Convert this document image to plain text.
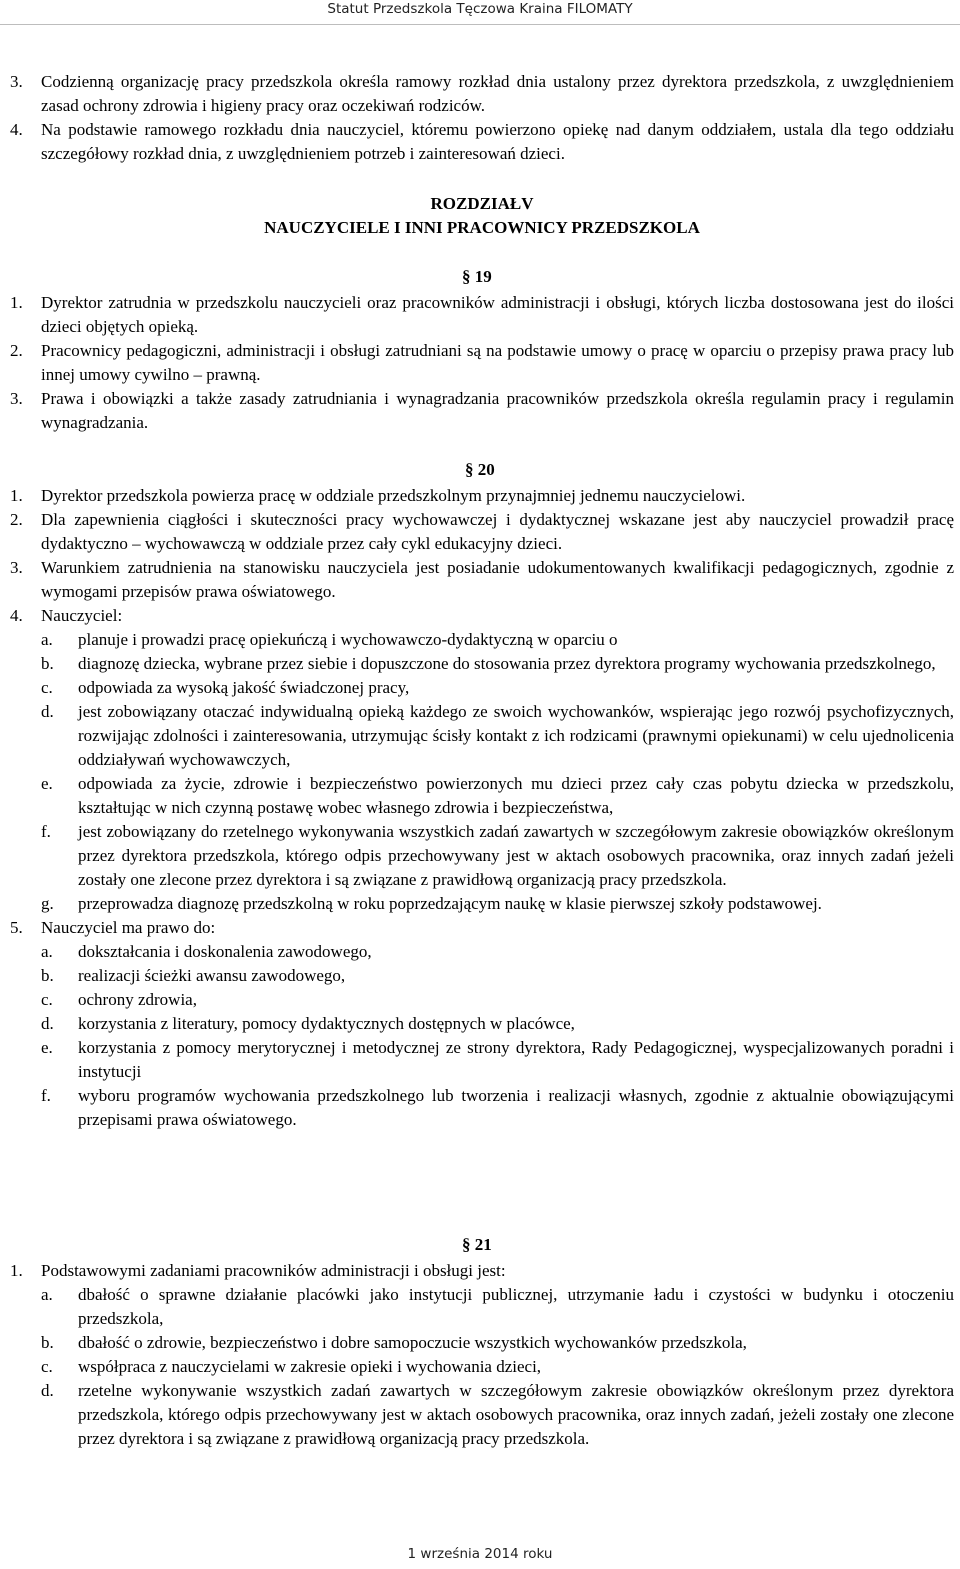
Statut Przedszkola Tęczowa Kraina FILOMATY
3. Codzienną organizację pracy przedszkola określa ramowy rozkład dnia ustalony przez dyrektora przedszkola, z uwzględnieniem zasad ochrony zdrowia i higieny pracy oraz oczekiwań rodziców.
4. Na podstawie ramowego rozkładu dnia nauczyciel, któremu powierzono opiekę nad danym oddziałem, ustala dla tego oddziału szczegółowy rozkład dnia, z uwzględnieniem potrzeb i zainteresowań dzieci.
ROZDZIAŁV
NAUCZYCIELE I INNI PRACOWNICY PRZEDSZKOLA
§ 19
1. Dyrektor zatrudnia w przedszkolu nauczycieli oraz pracowników administracji i obsługi, których liczba dostosowana jest do ilości dzieci objętych opieką.
2. Pracownicy pedagogiczni, administracji i obsługi zatrudniani są na podstawie umowy o pracę w oparciu o przepisy prawa pracy lub innej umowy cywilno – prawną.
3. Prawa i obowiązki a także zasady zatrudniania i wynagradzania pracowników przedszkola określa regulamin pracy i regulamin wynagradzania.
§ 20
1. Dyrektor przedszkola powierza pracę w oddziale przedszkolnym przynajmniej jednemu nauczycielowi.
2. Dla zapewnienia ciągłości i skuteczności pracy wychowawczej i dydaktycznej wskazane jest aby nauczyciel prowadził pracę dydaktyczno – wychowawczą w oddziale przez cały cykl edukacyjny dzieci.
3. Warunkiem zatrudnienia na stanowisku nauczyciela jest posiadanie udokumentowanych kwalifikacji pedagogicznych, zgodnie z wymogami przepisów prawa oświatowego.
4. Nauczyciel:
a. planuje i prowadzi pracę opiekuńczą i wychowawczo-dydaktyczną w oparciu o
b. diagnozę dziecka, wybrane przez siebie i dopuszczone do stosowania przez dyrektora programy wychowania przedszkolnego,
c. odpowiada za wysoką jakość świadczonej pracy,
d. jest zobowiązany otaczać indywidualną opieką każdego ze swoich wychowanków, wspierając jego rozwój psychofizycznych, rozwijając zdolności i zainteresowania, utrzymując ścisły kontakt z ich rodzicami (prawnymi opiekunami) w celu ujednolicenia oddziaływań wychowawczych,
e. odpowiada za życie, zdrowie i bezpieczeństwo powierzonych mu dzieci przez cały czas pobytu dziecka w przedszkolu, kształtując w nich czynną postawę wobec własnego zdrowia i bezpieczeństwa,
f. jest zobowiązany do rzetelnego wykonywania wszystkich zadań zawartych w szczegółowym zakresie obowiązków określonym przez dyrektora przedszkola, którego odpis przechowywany jest w aktach osobowych pracownika, oraz innych zadań jeżeli zostały one zlecone przez dyrektora i są związane z prawidłową organizacją pracy przedszkola.
g. przeprowadza diagnozę przedszkolną w roku poprzedzającym naukę w klasie pierwszej szkoły podstawowej.
5. Nauczyciel ma prawo do:
a. dokształcania i doskonalenia zawodowego,
b. realizacji ścieżki awansu zawodowego,
c. ochrony zdrowia,
d. korzystania z literatury, pomocy dydaktycznych dostępnych w placówce,
e. korzystania z pomocy merytorycznej i metodycznej ze strony dyrektora, Rady Pedagogicznej, wyspecjalizowanych poradni i instytucji
f. wyboru programów wychowania przedszkolnego lub tworzenia i realizacji własnych, zgodnie z aktualnie obowiązującymi przepisami prawa oświatowego.
§ 21
1. Podstawowymi zadaniami pracowników administracji i obsługi jest:
a. dbałość o sprawne działanie placówki jako instytucji publicznej, utrzymanie ładu i czystości w budynku i otoczeniu przedszkola,
b. dbałość o zdrowie, bezpieczeństwo i dobre samopoczucie wszystkich wychowanków przedszkola,
c. współpraca z nauczycielami w zakresie opieki i wychowania dzieci,
d. rzetelne wykonywanie wszystkich zadań zawartych w szczegółowym zakresie obowiązków określonym przez dyrektora przedszkola, którego odpis przechowywany jest w aktach osobowych pracownika, oraz innych zadań, jeżeli zostały one zlecone przez dyrektora i są związane z prawidłową organizacją pracy przedszkola.
1 września 2014 roku
